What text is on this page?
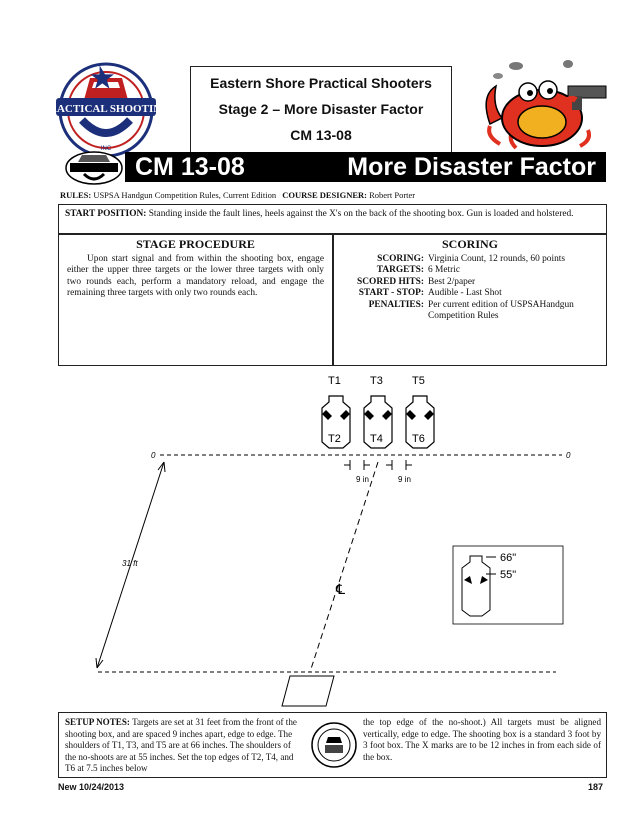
PRACTICAL SHOOTING
INC
Eastern Shore Practical Shooters
Stage 2 – More Disaster Factor
CM 13-08
CM 13-08	More Disaster Factor
RULES: USPSA Handgun Competition Rules, Current Edition COURSE DESIGNER: Robert Porter
START POSITION: Standing inside the fault lines, heels against the X's on the back of the shooting box. Gun is loaded and holstered.
STAGE PROCEDURE
Upon start signal and from within the shooting box, engage either the upper three targets or the lower three targets with only two rounds each, perform a mandatory reload, and engage the remaining three targets with only two rounds each.
SCORING
SCORING: Virginia Count, 12 rounds, 60 points
TARGETS: 6 Metric
SCORED HITS: Best 2/paper
START - STOP: Audible - Last Shot
PENALTIES: Per current edition of USPSAHandgun Competition Rules
T1	T3	T5
T2	T4	T6
0	0
9 in	9 in
31 ft
℄
66"
55"
SETUP NOTES: Targets are set at 31 feet from the front of the shooting box, and are spaced 9 inches apart, edge to edge. The shoulders of T1, T3, and T5 are at 66 inches. The shoulders of the no-shoots are at 55 inches. Set the top edges of T2, T4, and T6 at 7.5 inches below
the top edge of the no-shoot.) All targets must be aligned vertically, edge to edge. The shooting box is a standard 3 foot by 3 foot box. The X marks are to be 12 inches in from each side of the box.
New 10/24/2013	187
